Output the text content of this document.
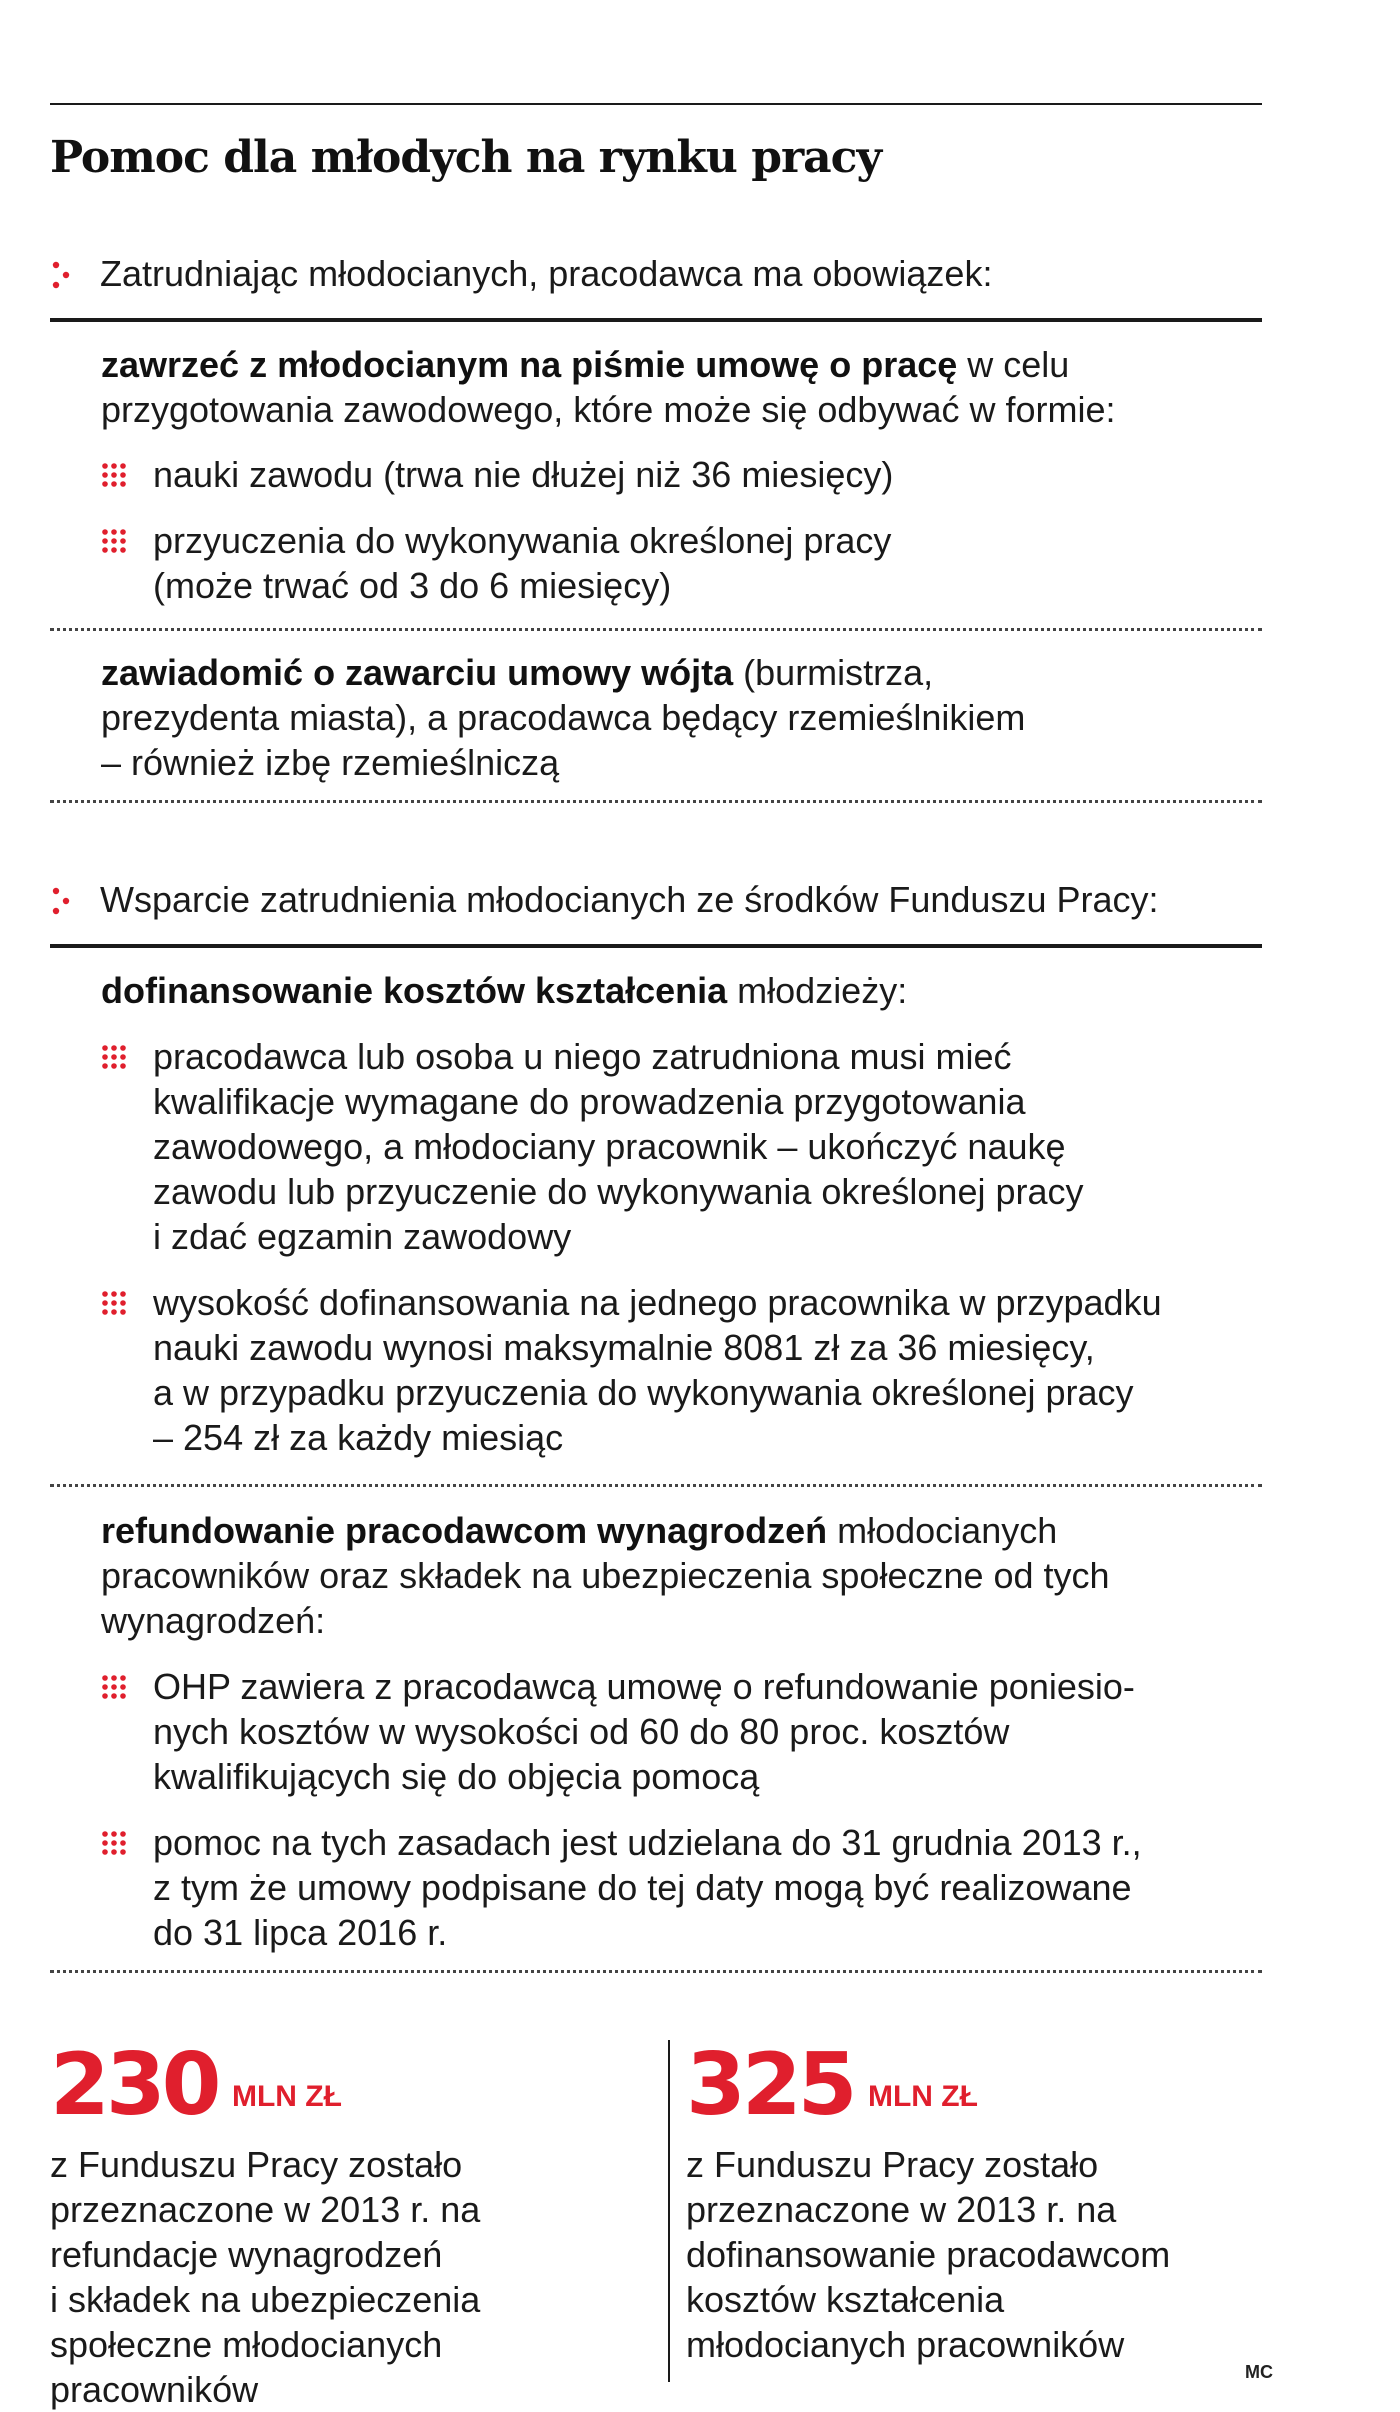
Pomoc dla młodych na rynku pracy
Zatrudniając młodocianych, pracodawca ma obowiązek:

zawrzeć z młodocianym na piśmie umowę o pracę w celu
przygotowania zawodowego, które może się odbywać w formie:

nauki zawodu (trwa nie dłużej niż 36 miesięcy)
przyuczenia do wykonywania określonej pracy
(może trwać od 3 do 6 miesięcy)

zawiadomić o zawarciu umowy wójta (burmistrza,
prezydenta miasta), a pracodawca będący rzemieślnikiem
– również izbę rzemieślniczą

Wsparcie zatrudnienia młodocianych ze środków Funduszu Pracy:

dofinansowanie kosztów kształcenia młodzieży:

pracodawca lub osoba u niego zatrudniona musi mieć
kwalifikacje wymagane do prowadzenia przygotowania
zawodowego, a młodociany pracownik – ukończyć naukę
zawodu lub przyuczenie do wykonywania określonej pracy
i zdać egzamin zawodowy
wysokość dofinansowania na jednego pracownika w przypadku
nauki zawodu wynosi maksymalnie 8081 zł za 36 miesięcy,
a w przypadku przyuczenia do wykonywania określonej pracy
– 254 zł za każdy miesiąc

refundowanie pracodawcom wynagrodzeń młodocianych
pracowników oraz składek na ubezpieczenia społeczne od tych
wynagrodzeń:

OHP zawiera z pracodawcą umowę o refundowanie poniesio-
nych kosztów w wysokości od 60 do 80 proc. kosztów
kwalifikujących się do objęcia pomocą
pomoc na tych zasadach jest udzielana do 31 grudnia 2013 r.,
z tym że umowy podpisane do tej daty mogą być realizowane
do 31 lipca 2016 r.
230 MLN ZŁ
z Funduszu Pracy zostało
przeznaczone w 2013 r. na
refundacje wynagrodzeń
i składek na ubezpieczenia
społeczne młodocianych
pracowników
325 MLN ZŁ
z Funduszu Pracy zostało
przeznaczone w 2013 r. na
dofinansowanie pracodawcom
kosztów kształcenia
młodocianych pracowników
MC
